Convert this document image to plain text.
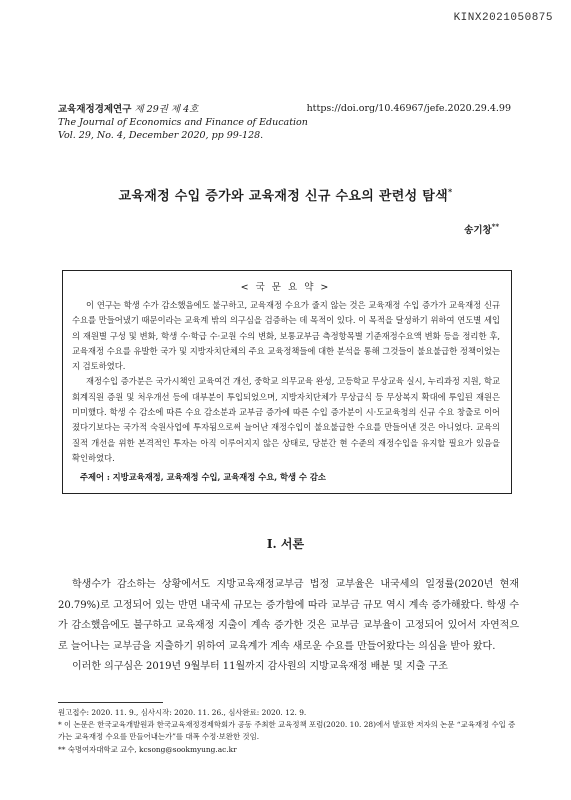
KINX2021050875
교육재정경제연구 제 29권 제 4호
The Journal of Economics and Finance of Education
Vol. 29, No. 4, December 2020, pp 99-128.
https://doi.org/10.46967/jefe.2020.29.4.99
교육재정 수입 증가와 교육재정 신규 수요의 관련성 탐색*
송기창**
< 국 문 요 약 >

이 연구는 학생 수가 감소했음에도 불구하고, 교육재정 수요가 줄지 않는 것은 교육재정 수입 증가가 교육재정 신규 수요를 만들어냈기 때문이라는 교육계 밖의 의구심을 검증하는 데 목적이 있다. 이 목적을 달성하기 위하여 연도별 세입의 재원별 구성 및 변화, 학생 수·학급 수·교원 수의 변화, 보통교부금 측정항목별 기준재정수요액 변화 등을 정리한 후, 교육재정 수요를 유발한 국가 및 지방자치단체의 주요 교육정책들에 대한 분석을 통해 그것들이 불요불급한 정책이었는지 검토하였다.

재정수입 증가분은 국가시책인 교육여건 개선, 중학교 의무교육 완성, 고등학교 무상교육 실시, 누리과정 지원, 학교회계직원 증원 및 처우개선 등에 대부분이 투입되었으며, 지방자치단체가 무상급식 등 무상복지 확대에 투입된 재원은 미미했다. 학생 수 감소에 따른 수요 감소분과 교부금 증가에 따른 수입 증가분이 시·도교육청의 신규 수요 창출로 이어졌다기보다는 국가적 숙원사업에 투자됨으로써 늘어난 재정수입이 불요불급한 수요를 만들어낸 것은 아니었다. 교육의 질적 개선을 위한 본격적인 투자는 아직 이루어지지 않은 상태로, 당분간 현 수준의 재정수입을 유지할 필요가 있음을 확인하였다.

주제어 : 지방교육재정, 교육재정 수입, 교육재정 수요, 학생 수 감소
Ⅰ. 서론

학생수가 감소하는 상황에서도 지방교육재정교부금 법정 교부율은 내국세의 일정률(2020년 현재 20.79%)로 고정되어 있는 반면 내국세 규모는 증가함에 따라 교부금 규모 역시 계속 증가해왔다. 학생 수가 감소했음에도 불구하고 교육재정 지출이 계속 증가한 것은 교부금 교부율이 고정되어 있어서 자연적으로 늘어나는 교부금을 지출하기 위하여 교육계가 계속 새로운 수요를 만들어왔다는 의심을 받아 왔다.

이러한 의구심은 2019년 9월부터 11월까지 감사원의 지방교육재정 배분 및 지출 구조

원고접수: 2020. 11. 9., 심사시작: 2020. 11. 26., 심사완료: 2020. 12. 9.
* 이 논문은 한국교육개발원과 한국교육재정경제학회가 공동 주최한 교육정책 포럼(2020. 10. 28)에서 발표한 저자의 논문 “교육재정 수입 증가는 교육재정 수요를 만들어내는가”를 대폭 수정·보완한 것임.
** 숙명여자대학교 교수, kcsong@sookmyung.ac.kr
